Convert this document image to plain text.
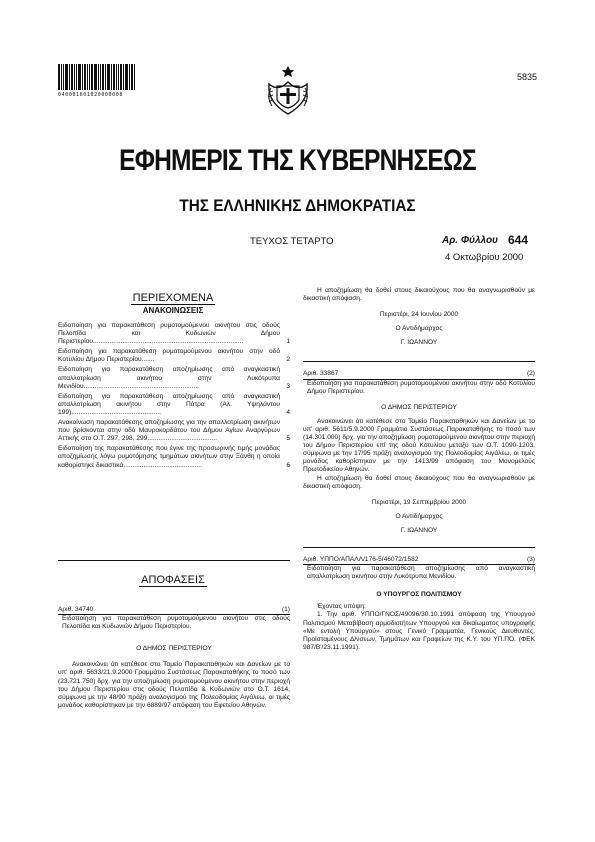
040001601020000008
5835
ΕΦΗΜΕΡΙΣ ΤΗΣ ΚΥΒΕΡΝΗΣΕΩΣ
ΤΗΣ ΕΛΛΗΝΙΚΗΣ ΔΗΜΟΚΡΑΤΙΑΣ
ΤΕΥΧΟΣ ΤΕΤΑΡΤΟ	Αρ. Φύλλου 644
4 Οκτωβρίου 2000
ΠΕΡΙΕΧΟΜΕΝΑ
ΑΝΑΚΟΙΝΩΣΕΙΣ
Ειδοποίηση για παρακατάθεση ρυμοτομούμενου ακινήτου στις οδούς Πελοπίδα και Κυδωνιών Δήμου Περιστερίου..................................................................................	1
Ειδοποίηση για παρακατάθεση ρυμοτομούμενου ακινήτου στην οδό Κοτυλίου Δήμου Περιστερίου.......	2
Ειδοποίηση για παρακατάθεση αποζημίωσης από αναγκαστική απαλλοτρίωση ακινήτου στην Λυκότρυπα Μενιδίου...............................................................	3
Ειδοποίηση για παρακατάθεση αποζημίωσης από αναγκαστική απαλλοτρίωση ακινήτου στην Πάτρα (Αλ. Υψηλάντου 199).................................................	4
Ανακοίνωση παρακατάθεσης αποζημίωσης για την απαλλοτρίωση ακινήτων που βρίσκονται στην οδό Μαυροκορδάτου του Δήμου Αγίων Αναργύρων Αττικής στο Ο.Τ. 297, 298, 299......................................	5
Ειδοποίηση της παρακατάθεσης που έγινε της προσωρινής τιμής μονάδας αποζημίωσης λόγω ρυμοτόμησης τμημάτων ακινήτων στην Ξάνθη η οποία καθορίστηκε δικαστικά...........................................	6
ΑΠΟΦΑΣΕΙΣ
Αριθ. 34740	(1)

Ειδοποίηση για παρακατάθεση ρυμοτομούμενου ακινήτου στις οδούς Πελοπίδα και Κυδωνιών Δήμου Περιστερίου.

Ο ΔΗΜΟΣ ΠΕΡΙΣΤΕΡΙΟΥ

Ανακοινώνει ότι κατέθεσε στο Ταμείο Παρακαταθηκών και Δανείων με το υπ' αριθ. 5633/21.9.2000 Γραμμάτιο Συστάσεως Παρακαταθήκης το ποσό των (23.721.750) δρχ. για την αποζημίωση ρυμοτομούμενου ακινήτου στην περιοχή του Δήμου Περιστερίου στις οδούς Πελοπίδα & Κυδωνιών στο Ο.Τ. 1614, σύμφωνα με την 48/90 πράξη αναλογισμού της Πολεοδομίας Αιγάλεω, οι τιμές μονάδος καθορίστηκαν με την 6889/97 απόφαση του Εφετείου Αθηνών.

Η αποζημίωση θα δοθεί στους δικαιούχους που θα αναγνωρισθούν με δικαστική απόφαση.

Περιστέρι, 24 Ιουνίου 2000

Ο Αντιδήμαρχος

Γ. ΙΩΑΝΝΟΥ

Αριθ. 33867	(2)

Ειδοποίηση για παρακατάθεση ρυμοτομουμένου ακινήτου στην οδό Κοτυλίου Δήμου Περιστερίου.

Ο ΔΗΜΟΣ ΠΕΡΙΣΤΕΡΙΟΥ

Ανακοινώνει ότι κατέθεσε στο Ταμείο Παρακαταθηκών και Δανείων με το υπ' αριθ. 5611/5.9.2000 Γραμμάτιο Συστάσεως Παρακαταθήκης το ποσό των (14.301.000) δρχ. για την αποζημίωση ρυμοτομούμενου ακινήτου στην περιοχή του Δήμου Περιστερίου επί της οδού Κοτυλίου μεταξύ των Ο.Τ. 1090-1203, σύμφωνα με την 17/95 πράξη αναλογισμού της Πολεοδομίας Αιγάλεω, οι τιμές μονάδος καθορίστηκαν με την 1413/99 απόφαση του Μονομελούς Πρωτοδικείου Αθηνών.

Η αποζημίωση θα δοθεί στους δικαιούχους που θα αναγνωρισθούν με δικαστική απόφαση.

Περιστέρι, 19 Σεπτεμβρίου 2000

Ο Αντιδήμαρχος

Γ. ΙΩΑΝΝΟΥ

Αριθ. ΥΠΠΟ/ΑΠΑΛΛ/176-5/46072/1582	(3)

Ειδοποίηση για παρακατάθεση αποζημίωσης από αναγκαστική απαλλοτρίωση ακινήτου στην Λυκότρυπα Μενιδίου.

Ο ΥΠΟΥΡΓΟΣ ΠΟΛΙΤΙΣΜΟΥ

Έχοντας υπόψη:

1. Την αριθ. ΥΠΠΟ/ΓΝΟΣ/49096/30.10.1991 απόφαση της Υπουργού Πολιτισμού Μεταβίβαση αρμοδιοτήτων Υπουργού και δικαίωματος υπογραφής «Με εντολή Υπουργού» στους Γενικό Γραμματέα, Γενικούς Διευθυντές, Προϊσταμένους Δ/νσεων, Τμημάτων και Γραφείων της Κ.Υ. του ΥΠ.ΠΟ. (ΦΕΚ 987/Β'/23.11.1991).
